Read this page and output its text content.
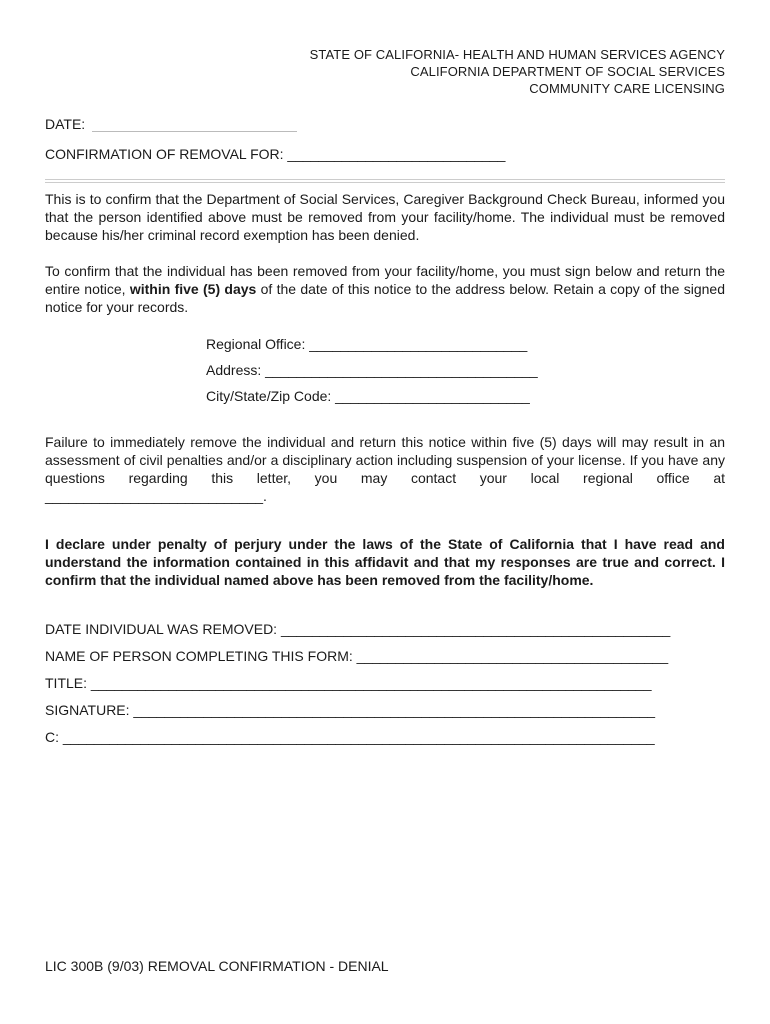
STATE OF CALIFORNIA- HEALTH AND HUMAN SERVICES AGENCY
CALIFORNIA DEPARTMENT OF SOCIAL SERVICES
COMMUNITY CARE LICENSING
DATE:
CONFIRMATION OF REMOVAL FOR: ____________________________

This is to confirm that the Department of Social Services, Caregiver Background Check Bureau, informed you that the person identified above must be removed from your facility/home. The individual must be removed because his/her criminal record exemption has been denied.

To confirm that the individual has been removed from your facility/home, you must sign below and return the entire notice, within five (5) days of the date of this notice to the address below. Retain a copy of the signed notice for your records.

Regional Office: ____________________________
Address: ___________________________________
City/State/Zip Code: _________________________

Failure to immediately remove the individual and return this notice within five (5) days will may result in an assessment of civil penalties and/or a disciplinary action including suspension of your license. If you have any questions regarding this letter, you may contact your local regional office at ____________________________.

I declare under penalty of perjury under the laws of the State of California that I have read and understand the information contained in this affidavit and that my responses are true and correct. I confirm that the individual named above has been removed from the facility/home.

DATE INDIVIDUAL WAS REMOVED: __________________________________________________
NAME OF PERSON COMPLETING THIS FORM: ________________________________________
TITLE: ________________________________________________________________________
SIGNATURE: ___________________________________________________________________
C: ____________________________________________________________________________
LIC 300B (9/03) REMOVAL CONFIRMATION - DENIAL
